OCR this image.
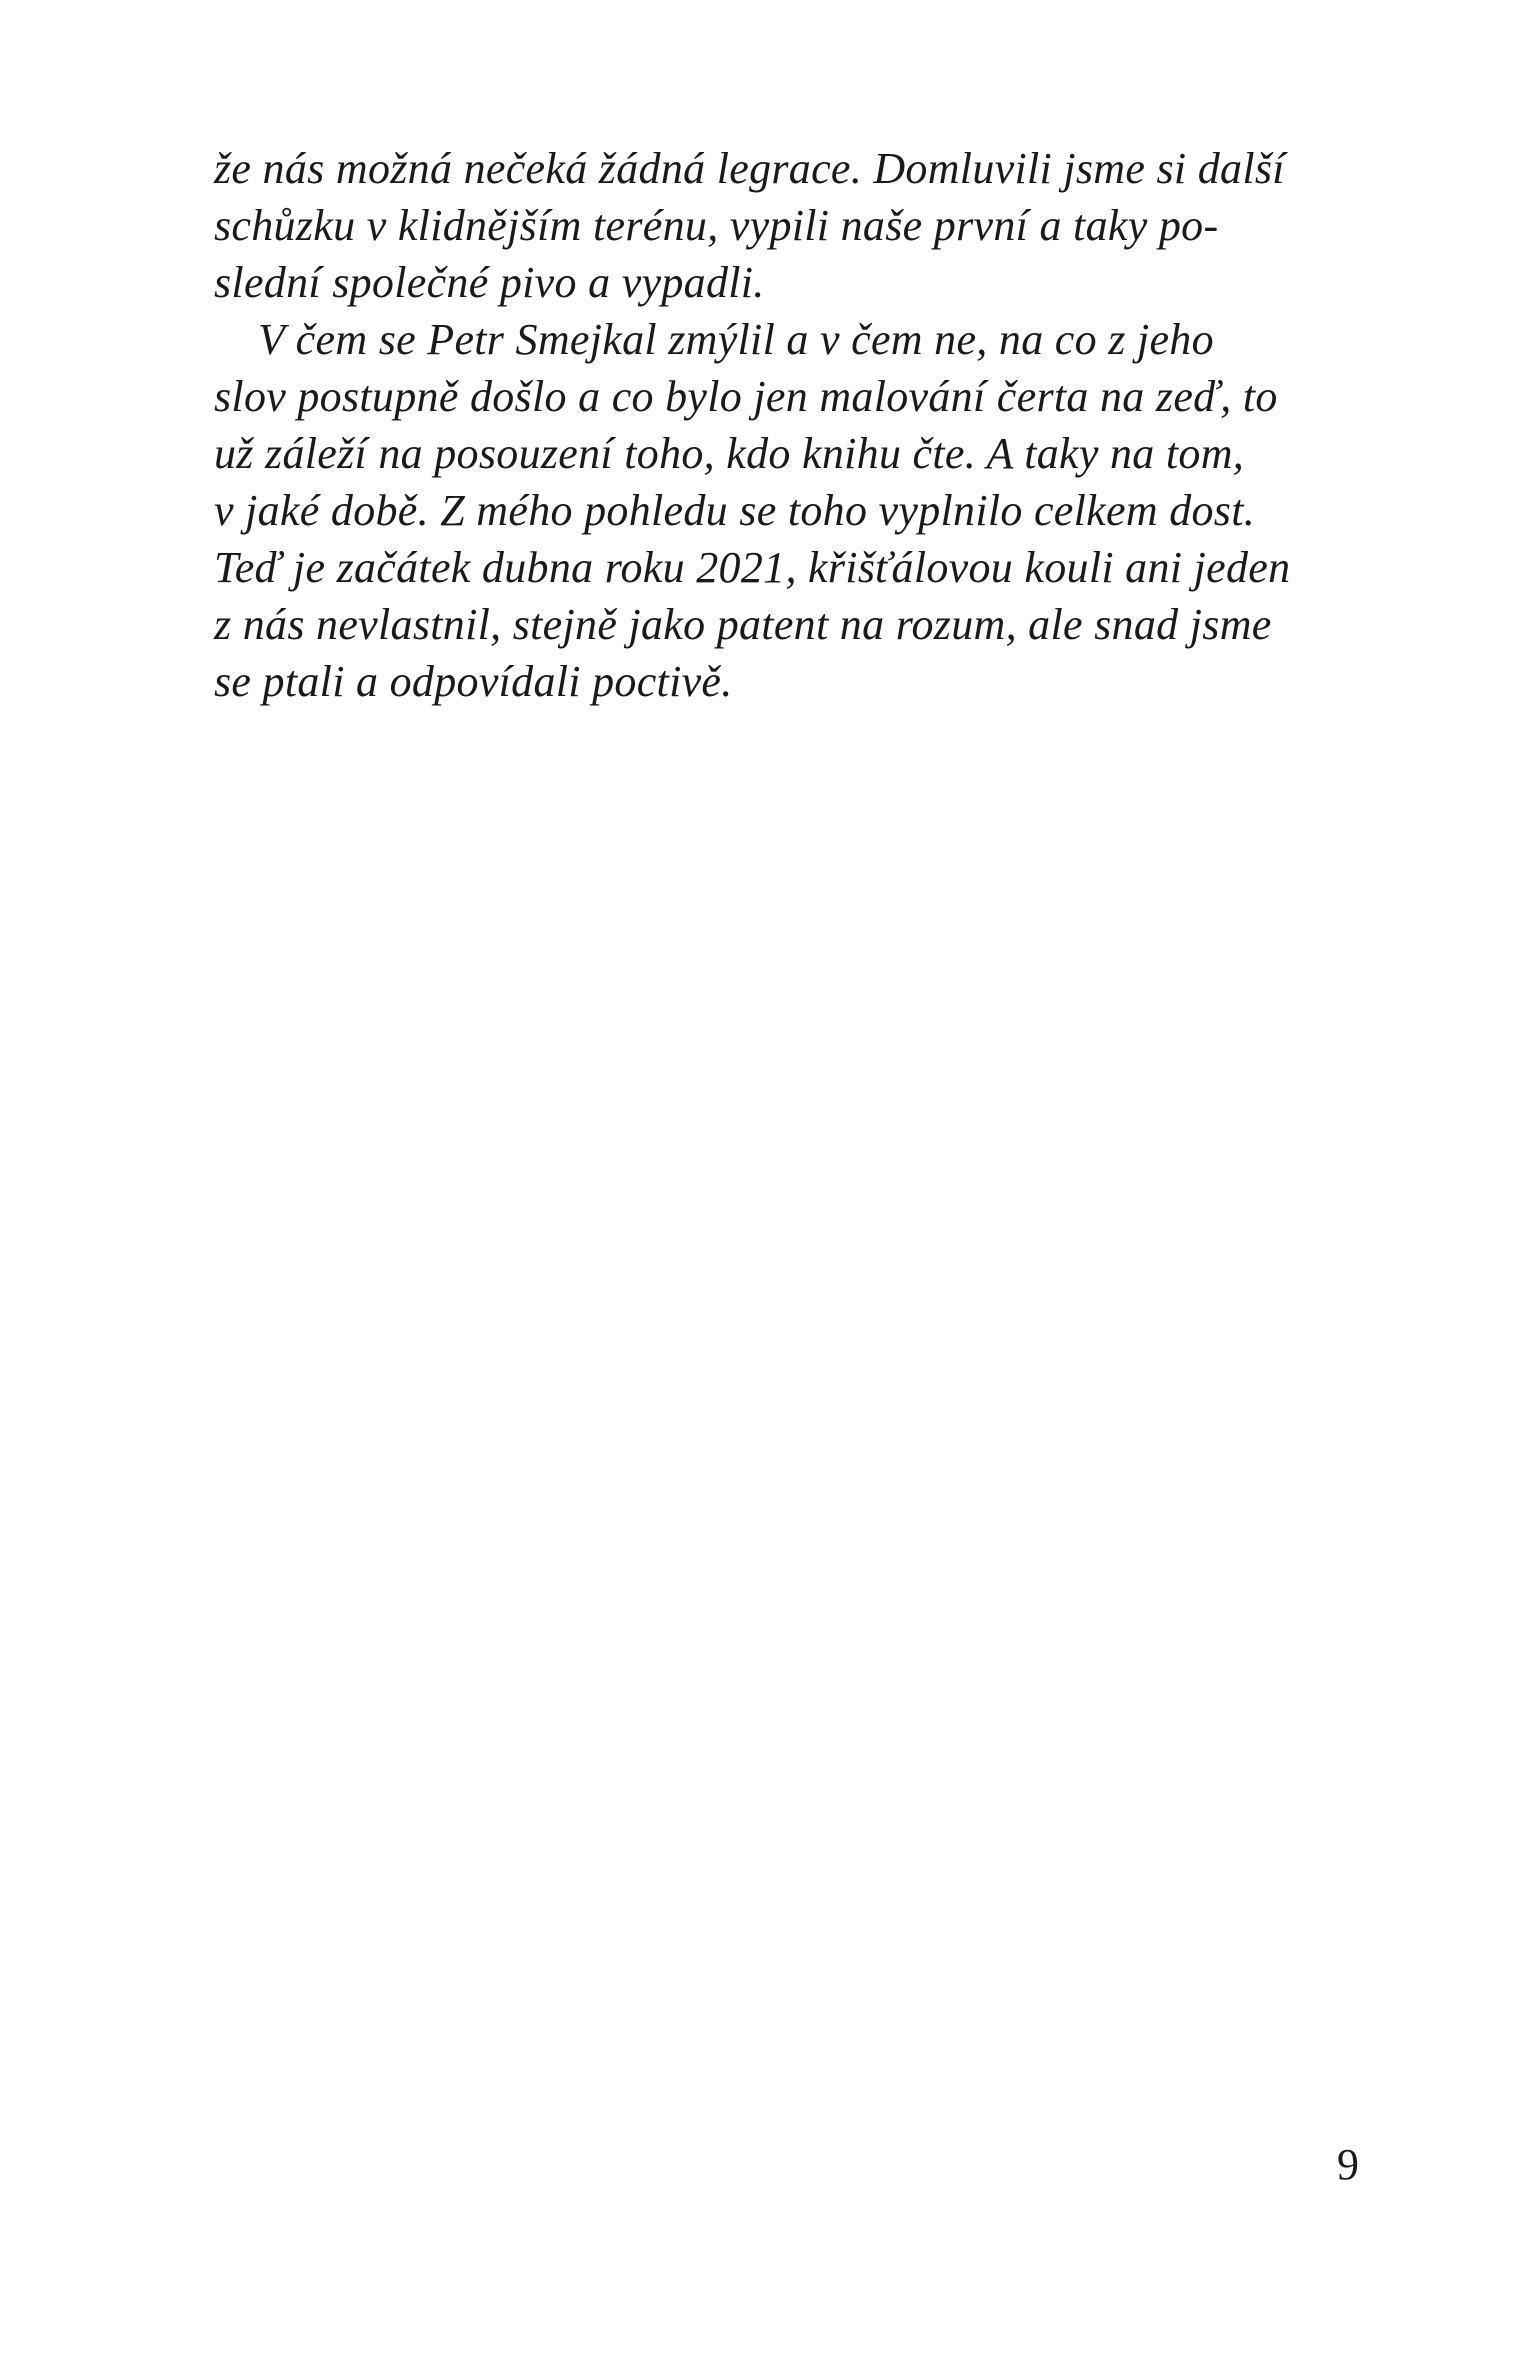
že nás možná nečeká žádná legrace. Domluvili jsme si další
schůzku v klidnějším terénu, vypili naše první a taky po-
slední společné pivo a vypadli.
V čem se Petr Smejkal zmýlil a v čem ne, na co z jeho
slov postupně došlo a co bylo jen malování čerta na zeď, to
už záleží na posouzení toho, kdo knihu čte. A taky na tom,
v jaké době. Z mého pohledu se toho vyplnilo celkem dost.
Teď je začátek dubna roku 2021, křišťálovou kouli ani jeden
z nás nevlastnil, stejně jako patent na rozum, ale snad jsme
se ptali a odpovídali poctivě.
9
